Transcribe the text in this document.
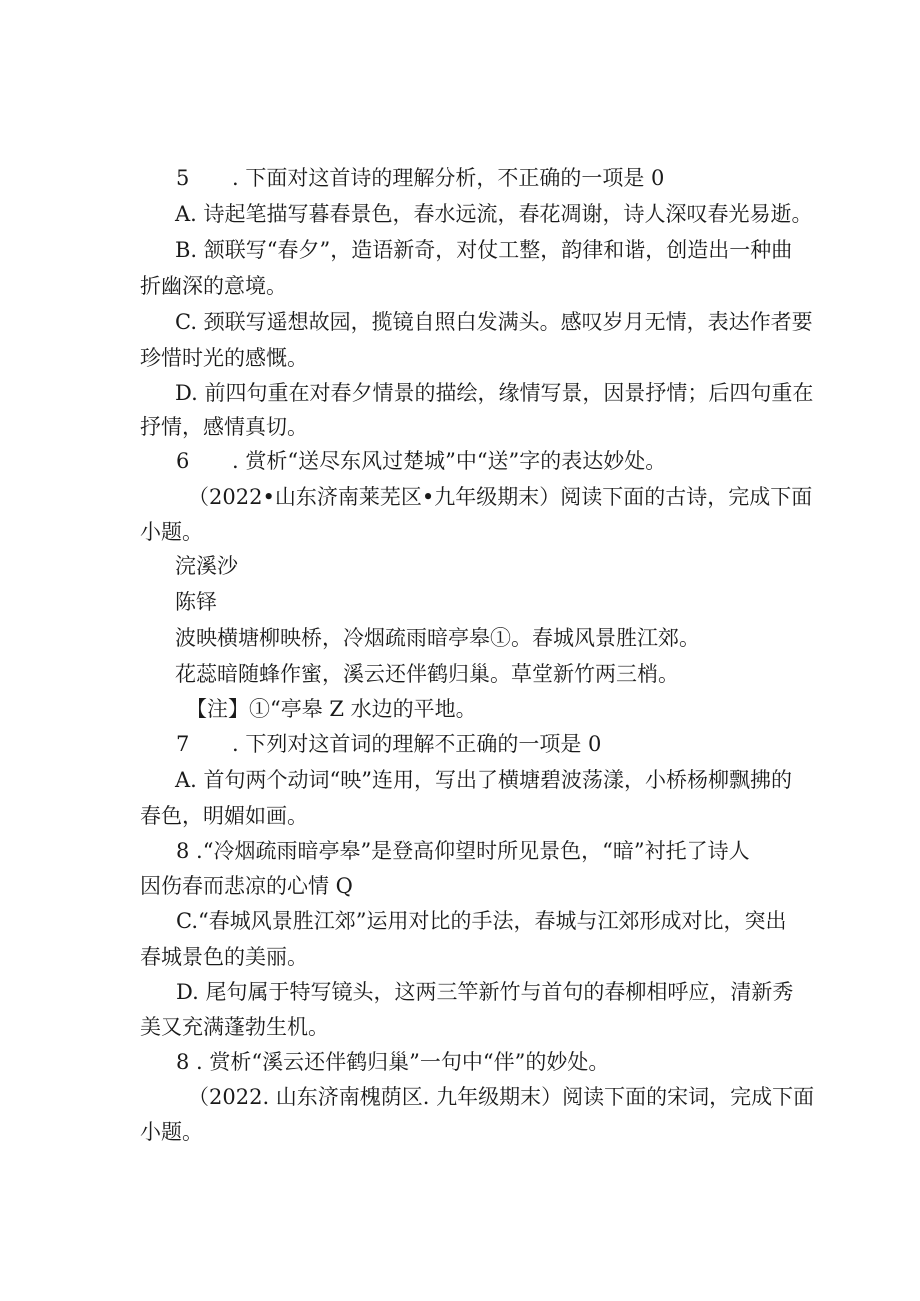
5 . 下面对这首诗的理解分析，不正确的一项是 0
A. 诗起笔描写暮春景色，春水远流，春花凋谢，诗人深叹春光易逝。
B. 颔联写“春夕”，造语新奇，对仗工整，韵律和谐，创造出一种曲
折幽深的意境。
C. 颈联写遥想故园，揽镜自照白发满头。感叹岁月无情，表达作者要
珍惜时光的感慨。
D. 前四句重在对春夕情景的描绘，缘情写景，因景抒情；后四句重在
抒情，感情真切。
6 . 赏析“送尽东风过楚城”中“送”字的表达妙处。
（2022•山东济南莱芜区•九年级期末）阅读下面的古诗，完成下面
小题。
浣溪沙
陈铎
波映横塘柳映桥，冷烟疏雨暗亭皋①。春城风景胜江郊。
花蕊暗随蜂作蜜，溪云还伴鹤归巢。草堂新竹两三梢。
【注】①“亭皋 Z 水边的平地。
7 . 下列对这首词的理解不正确的一项是 0
A. 首句两个动词“映”连用，写出了横塘碧波荡漾，小桥杨柳飘拂的
春色，明媚如画。
8 .“冷烟疏雨暗亭皋”是登高仰望时所见景色，“暗”衬托了诗人
因伤春而悲凉的心情 Q
C.“春城风景胜江郊”运用对比的手法，春城与江郊形成对比，突出
春城景色的美丽。
D. 尾句属于特写镜头，这两三竿新竹与首句的春柳相呼应，清新秀
美又充满蓬勃生机。
8 . 赏析“溪云还伴鹤归巢”一句中“伴”的妙处。
（2022. 山东济南槐荫区. 九年级期末）阅读下面的宋词，完成下面
小题。
